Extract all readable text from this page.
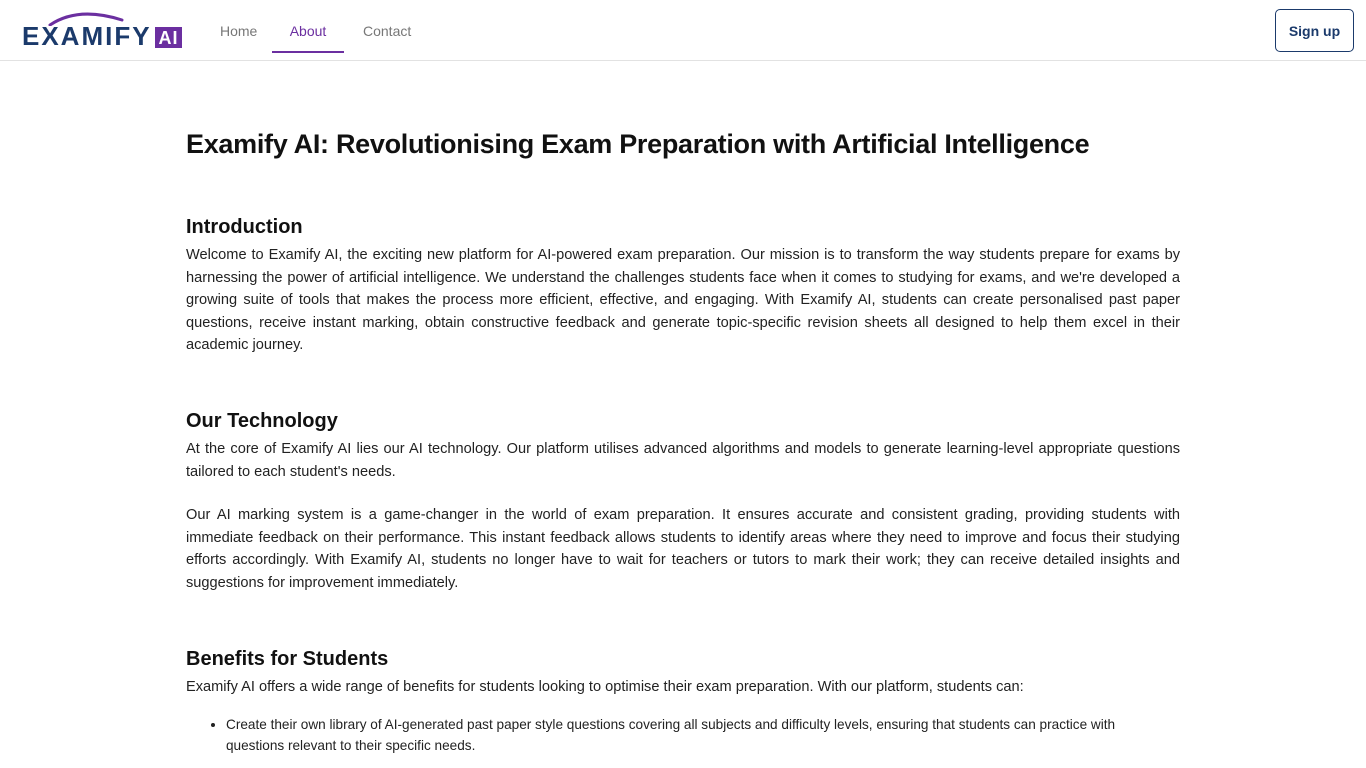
EXAMIFY AI	Home	About	Contact	Sign up
Examify AI: Revolutionising Exam Preparation with Artificial Intelligence
Introduction

Welcome to Examify AI, the exciting new platform for AI-powered exam preparation. Our mission is to transform the way students prepare for exams by harnessing the power of artificial intelligence. We understand the challenges students face when it comes to studying for exams, and we're developed a growing suite of tools that makes the process more efficient, effective, and engaging. With Examify AI, students can create personalised past paper questions, receive instant marking, obtain constructive feedback and generate topic-specific revision sheets all designed to help them excel in their academic journey.

Our Technology

At the core of Examify AI lies our AI technology. Our platform utilises advanced algorithms and models to generate learning-level appropriate questions tailored to each student's needs.

Our AI marking system is a game-changer in the world of exam preparation. It ensures accurate and consistent grading, providing students with immediate feedback on their performance. This instant feedback allows students to identify areas where they need to improve and focus their studying efforts accordingly. With Examify AI, students no longer have to wait for teachers or tutors to mark their work; they can receive detailed insights and suggestions for improvement immediately.

Benefits for Students

Examify AI offers a wide range of benefits for students looking to optimise their exam preparation. With our platform, students can:

• Create their own library of AI-generated past paper style questions covering all subjects and difficulty levels, ensuring that students can practice with questions relevant to their specific needs.
